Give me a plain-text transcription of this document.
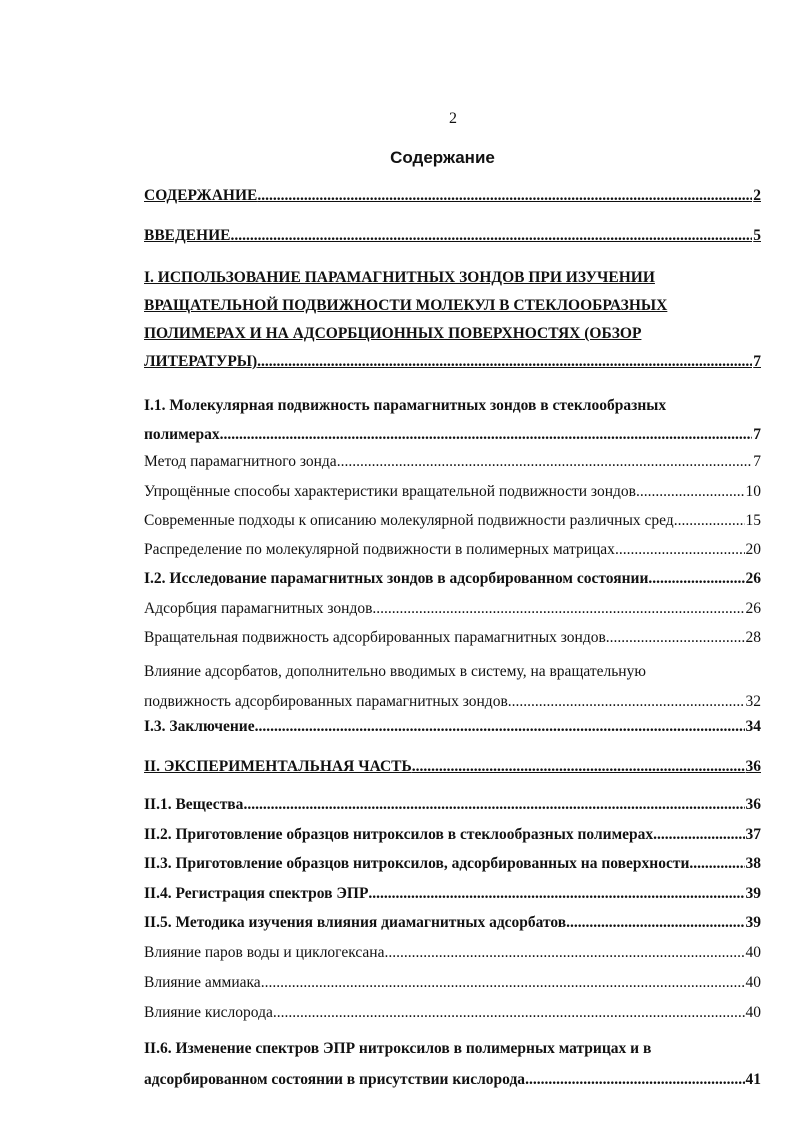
2
Содержание
СОДЕРЖАНИЕ .....	2
ВВЕДЕНИЕ .....	5
I. ИСПОЛЬЗОВАНИЕ ПАРАМАГНИТНЫХ ЗОНДОВ ПРИ ИЗУЧЕНИИ
ВРАЩАТЕЛЬНОЙ ПОДВИЖНОСТИ МОЛЕКУЛ В СТЕКЛООБРАЗНЫХ
ПОЛИМЕРАХ И НА АДСОРБЦИОННЫХ ПОВЕРХНОСТЯХ (ОБЗОР
ЛИТЕРАТУРЫ) .....	7
I.1. Молекулярная подвижность парамагнитных зондов в стеклообразных
полимерах .....	7
Метод парамагнитного зонда .....	7
Упрощённые способы характеристики вращательной подвижности зондов .....	10
Современные подходы к описанию молекулярной подвижности различных сред .....	15
Распределение по молекулярной подвижности в полимерных матрицах .....	20
I.2. Исследование парамагнитных зондов в адсорбированном состоянии .....	26
Адсорбция парамагнитных зондов. .....	26
Вращательная подвижность адсорбированных парамагнитных зондов .....	28
Влияние адсорбатов, дополнительно вводимых в систему, на вращательную
подвижность адсорбированных парамагнитных зондов .....	32
I.3. Заключение .....	34
II. ЭКСПЕРИМЕНТАЛЬНАЯ ЧАСТЬ .....	36
II.1. Вещества .....	36
II.2. Приготовление образцов нитроксилов в стеклообразных полимерах .....	37
II.3. Приготовление образцов нитроксилов, адсорбированных на поверхности .....	38
II.4. Регистрация спектров ЭПР .....	39
II.5. Методика изучения влияния диамагнитных адсорбатов .....	39
Влияние паров воды и циклогексана .....	40
Влияние аммиака .....	40
Влияние кислорода .....	40
II.6. Изменение спектров ЭПР нитроксилов в полимерных матрицах и в
адсорбированном состоянии в присутствии кислорода .....	41
